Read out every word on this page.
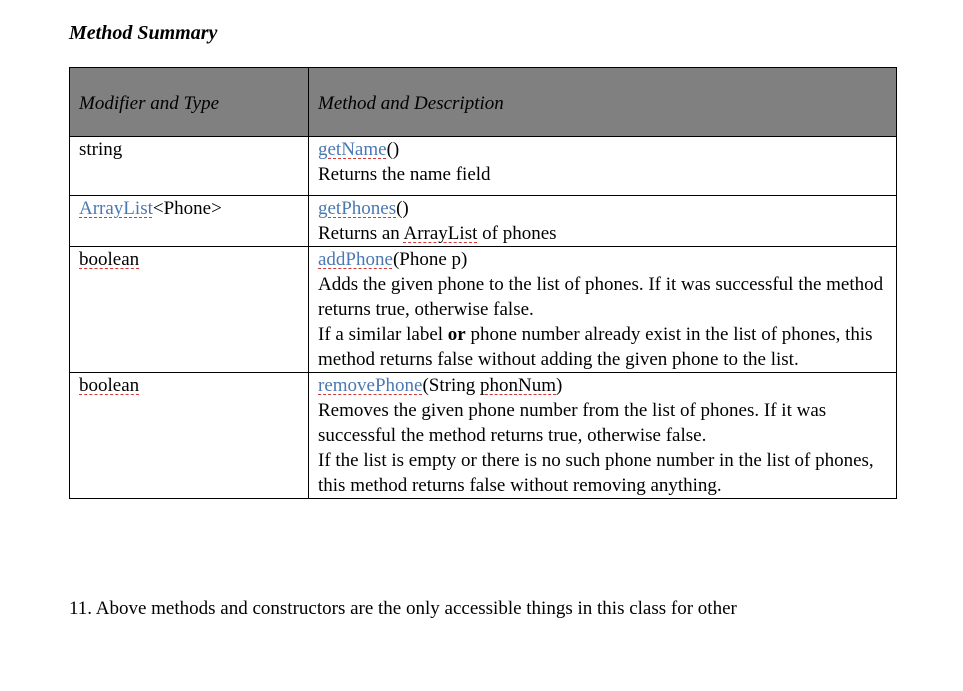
Method Summary

Modifier and Type	Method and Description
string	getName()
Returns the name field

ArrayList<Phone>	getPhones()
Returns an ArrayList of phones

boolean	addPhone(Phone p)
Adds the given phone to the list of phones. If it was successful the method returns true, otherwise false.
If a similar label or phone number already exist in the list of phones, this method returns false without adding the given phone to the list.

boolean	removePhone(String phonNum)
Removes the given phone number from the list of phones. If it was successful the method returns true, otherwise false.
If the list is empty or there is no such phone number in the list of phones, this method returns false without removing anything.

11. Above methods and constructors are the only accessible things in this class for other
